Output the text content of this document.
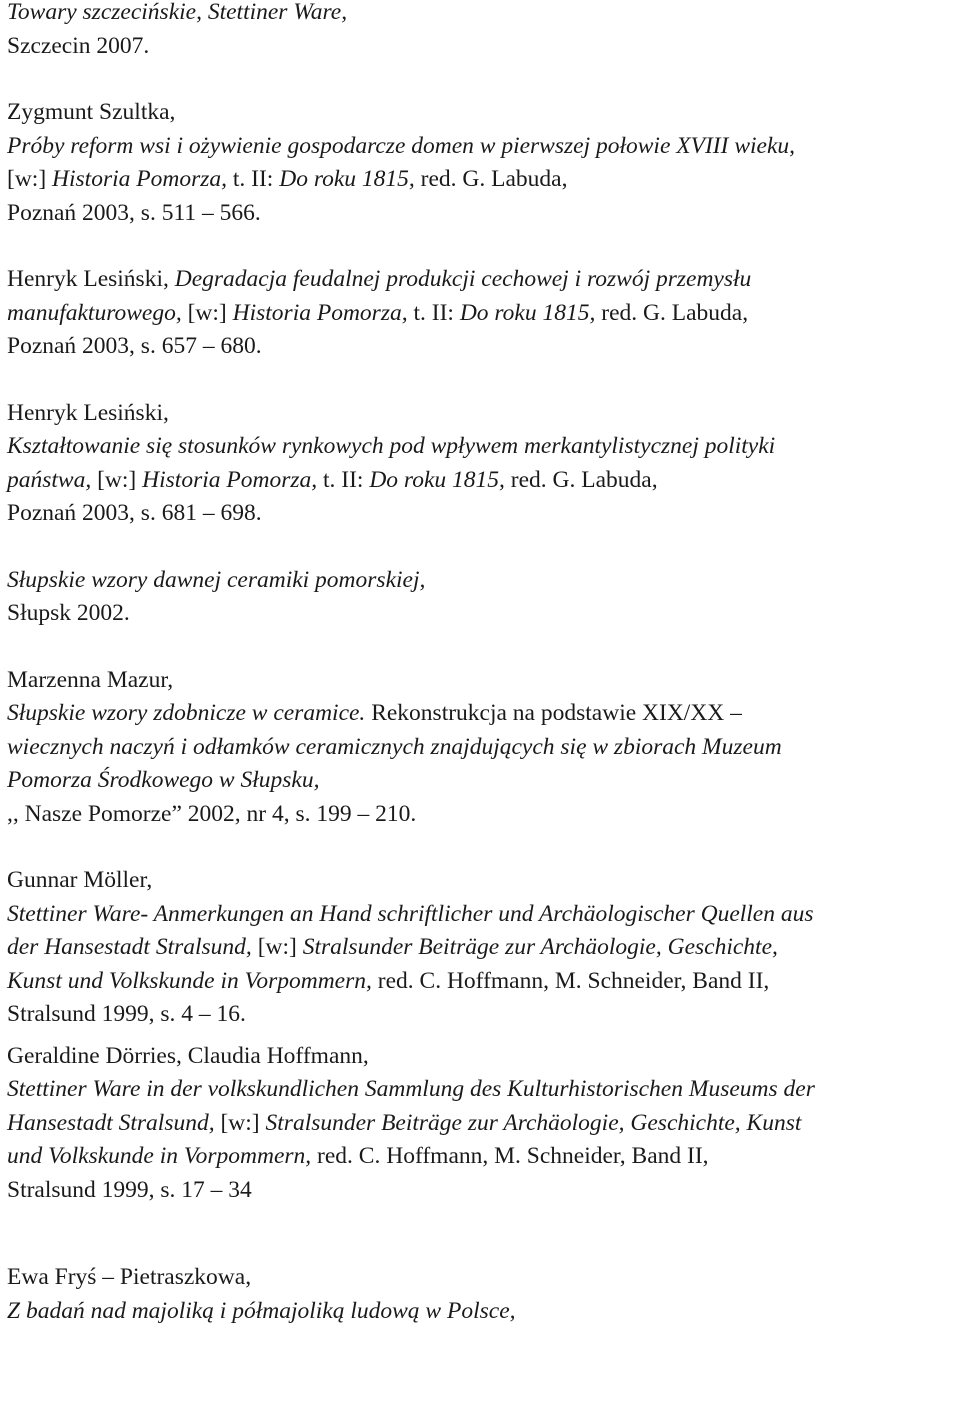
Towary szczecińskie, Stettiner Ware,
Szczecin 2007.
Zygmunt Szultka,
Próby reform wsi i ożywienie gospodarcze domen w pierwszej połowie XVIII wieku,
[w:] Historia Pomorza, t. II: Do roku 1815, red. G. Labuda,
Poznań 2003, s. 511 – 566.
Henryk Lesiński, Degradacja feudalnej produkcji cechowej i rozwój przemysłu
manufakturowego, [w:] Historia Pomorza, t. II: Do roku 1815, red. G. Labuda,
Poznań 2003, s. 657 – 680.
Henryk Lesiński,
Kształtowanie się stosunków rynkowych pod wpływem merkantylistycznej polityki
państwa, [w:] Historia Pomorza, t. II: Do roku 1815, red. G. Labuda,
Poznań 2003, s. 681 – 698.
Słupskie wzory dawnej ceramiki pomorskiej,
Słupsk 2002.
Marzenna Mazur,
Słupskie wzory zdobnicze w ceramice. Rekonstrukcja na podstawie XIX/XX –
wiecznych naczyń i odłamków ceramicznych znajdujących się w zbiorach Muzeum
Pomorza Środkowego w Słupsku,
,, Nasze Pomorze” 2002, nr 4, s. 199 – 210.
Gunnar Möller,
Stettiner Ware- Anmerkungen an Hand schriftlicher und Archäologischer Quellen aus
der Hansestadt Stralsund, [w:] Stralsunder Beiträge zur Archäologie, Geschichte,
Kunst und Volkskunde in Vorpommern, red. C. Hoffmann, M. Schneider, Band II,
Stralsund 1999, s. 4 – 16.
Geraldine Dörries, Claudia Hoffmann,
Stettiner Ware in der volkskundlichen Sammlung des Kulturhistorischen Museums der
Hansestadt Stralsund, [w:] Stralsunder Beiträge zur Archäologie, Geschichte, Kunst
und Volkskunde in Vorpommern, red. C. Hoffmann, M. Schneider, Band II,
Stralsund 1999, s. 17 – 34
Ewa Fryś – Pietraszkowa,
Z badań nad majoliką i półmajoliką ludową w Polsce,
